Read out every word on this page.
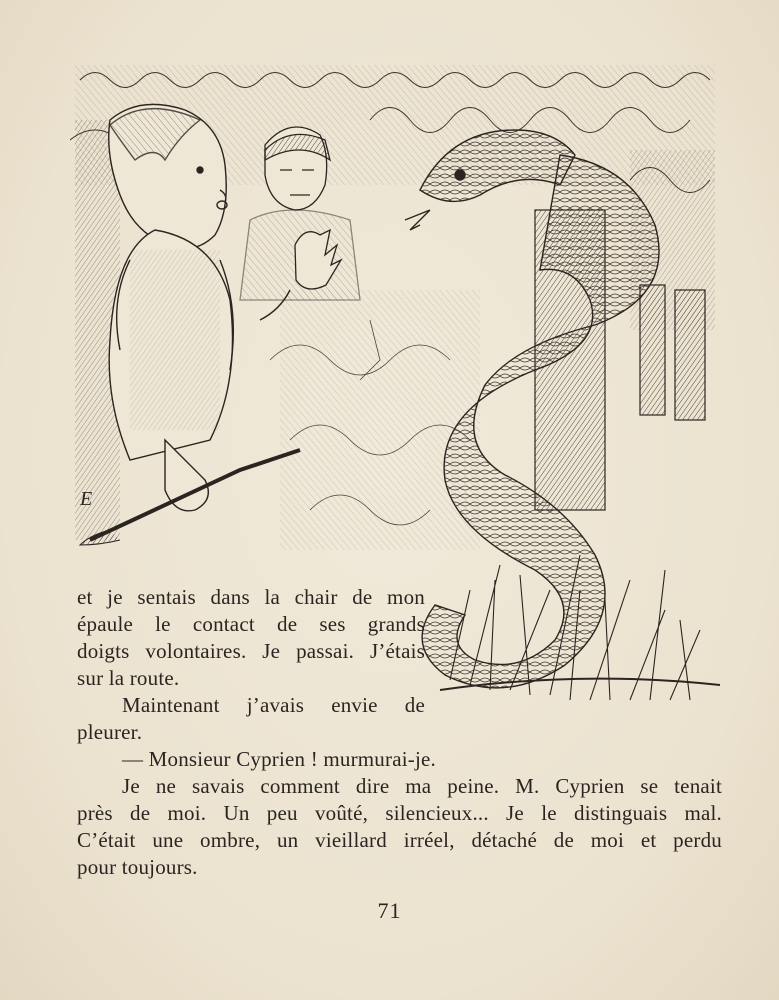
E
et je sentais dans la chair de mon
épaule le contact de ses grands
doigts volontaires. Je passai. J’étais
sur la route.
Maintenant j’avais envie de
pleurer.
— Monsieur Cyprien ! murmurai-je.
Je ne savais comment dire ma peine. M. Cyprien se tenait
près de moi. Un peu voûté, silencieux... Je le distinguais mal.
C’était une ombre, un vieillard irréel, détaché de moi et perdu
pour toujours.
71
